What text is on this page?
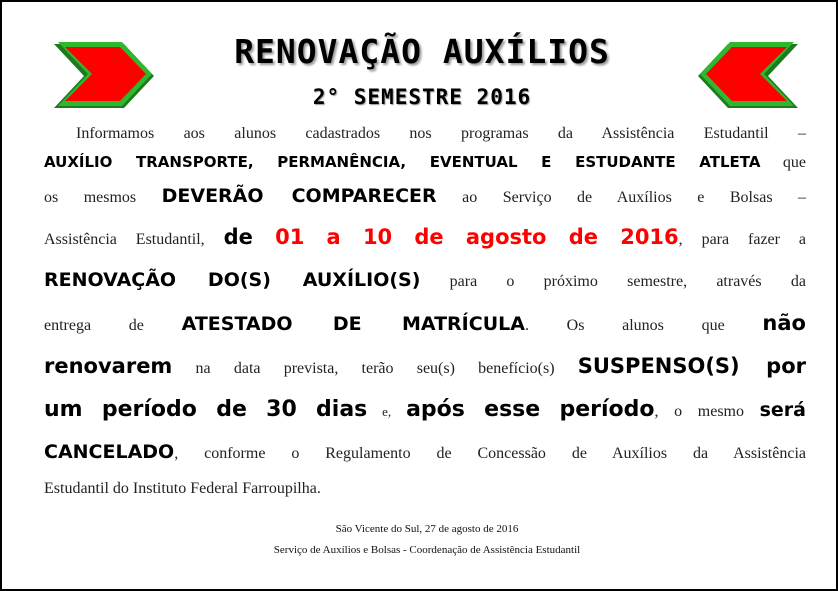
RENOVAÇÃO AUXÍLIOS
2° SEMESTRE 2016
Informamos aos alunos cadastrados nos programas da Assistência Estudantil –
AUXÍLIO TRANSPORTE, PERMANÊNCIA, EVENTUAL E ESTUDANTE ATLETA que
os mesmos DEVERÃO COMPARECER ao Serviço de Auxílios e Bolsas –
Assistência Estudantil, de 01 a 10 de agosto de 2016, para fazer a
RENOVAÇÃO DO(S) AUXÍLIO(S) para o próximo semestre, através da
entrega de ATESTADO DE MATRÍCULA. Os alunos que não
renovarem na data prevista, terão seu(s) benefício(s) SUSPENSO(S) por
um período de 30 dias e, após esse período, o mesmo será
CANCELADO, conforme o Regulamento de Concessão de Auxílios da Assistência
Estudantil do Instituto Federal Farroupilha.
São Vicente do Sul, 27 de agosto de 2016
Serviço de Auxílios e Bolsas - Coordenação de Assistência Estudantil
